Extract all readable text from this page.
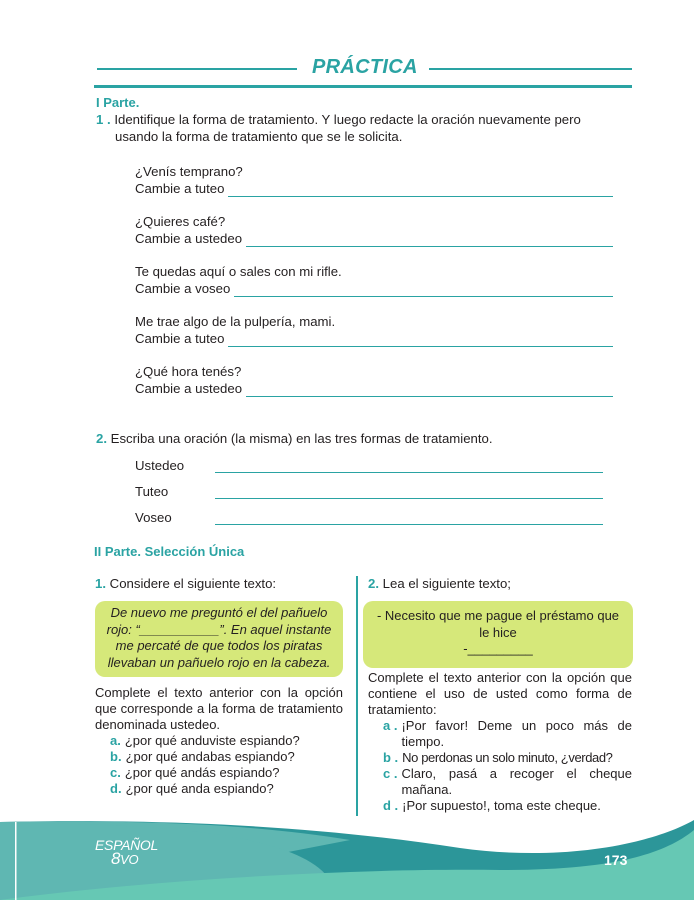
PRÁCTICA
I Parte.
1 . Identifique la forma de tratamiento. Y luego redacte la oración nuevamente pero
usando la forma de tratamiento que se le solicita.
¿Venís temprano?
Cambie a tuteo
¿Quieres café?
Cambie a ustedeo
Te quedas aquí o sales con mi rifle.
Cambie a voseo
Me trae algo de la pulpería, mami.
Cambie a tuteo
¿Qué hora tenés?
Cambie a ustedeo
2. Escriba una oración (la misma) en las tres formas de tratamiento.
Ustedeo
Tuteo
Voseo
II Parte. Selección Única
1. Considere el siguiente texto:
De nuevo me preguntó el del pañuelo
rojo: “___________”. En aquel instante
me percaté de que todos los piratas
llevaban un pañuelo rojo en la cabeza.
Complete el texto anterior con la opción que corresponde a la forma de tratamiento denominada ustedeo.
a. ¿por qué anduviste espiando?
b. ¿por qué andabas espiando?
c. ¿por qué andás espiando?
d. ¿por qué anda espiando?
2. Lea el siguiente texto;
- Necesito que me pague el préstamo que
le hice
-_________
Complete el texto anterior con la opción que contiene el uso de usted como forma de tratamiento:
a . ¡Por favor! Deme un poco más de tiempo.
b . No perdonas un solo minuto, ¿verdad?
c . Claro, pasá a recoger el cheque mañana.
d . ¡Por supuesto!, toma este cheque.
ESPAÑOL
8VO	173
